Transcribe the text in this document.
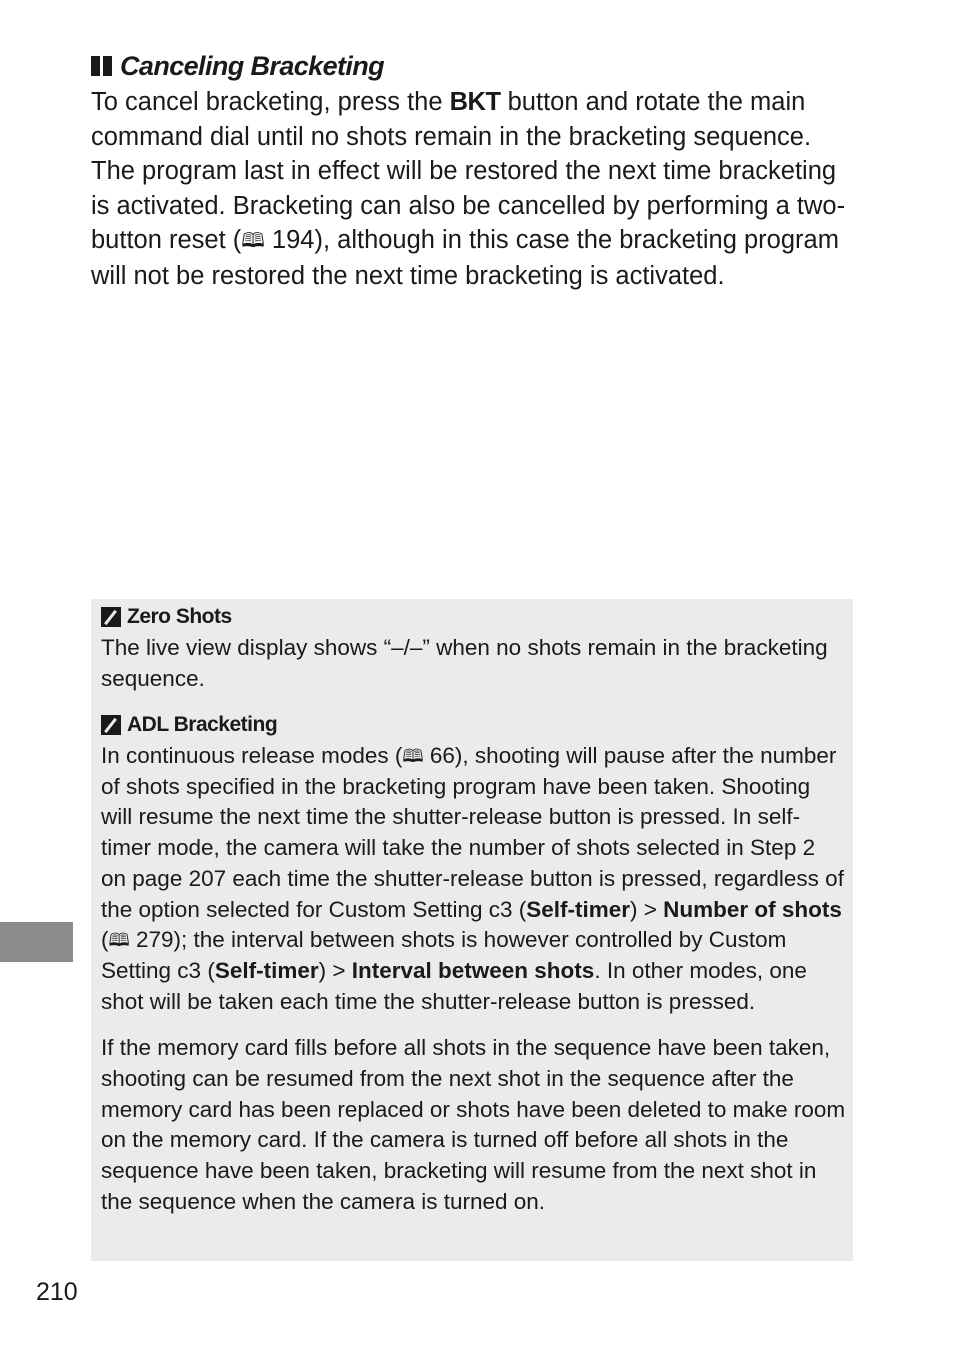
Canceling Bracketing

To cancel bracketing, press the BKT button and rotate the main command dial until no shots remain in the bracketing sequence. The program last in effect will be restored the next time bracketing is activated. Bracketing can also be cancelled by performing a two-button reset (🕮 194), although in this case the bracketing program will not be restored the next time bracketing is activated.

Zero Shots

The live view display shows “–/–” when no shots remain in the bracketing sequence.

ADL Bracketing

In continuous release modes (🕮 66), shooting will pause after the number of shots specified in the bracketing program have been taken. Shooting will resume the next time the shutter-release button is pressed. In self-timer mode, the camera will take the number of shots selected in Step 2 on page 207 each time the shutter-release button is pressed, regardless of the option selected for Custom Setting c3 (Self-timer) > Number of shots (🕮 279); the interval between shots is however controlled by Custom Setting c3 (Self-timer) > Interval between shots. In other modes, one shot will be taken each time the shutter-release button is pressed.

If the memory card fills before all shots in the sequence have been taken, shooting can be resumed from the next shot in the sequence after the memory card has been replaced or shots have been deleted to make room on the memory card. If the camera is turned off before all shots in the sequence have been taken, bracketing will resume from the next shot in the sequence when the camera is turned on.

210
